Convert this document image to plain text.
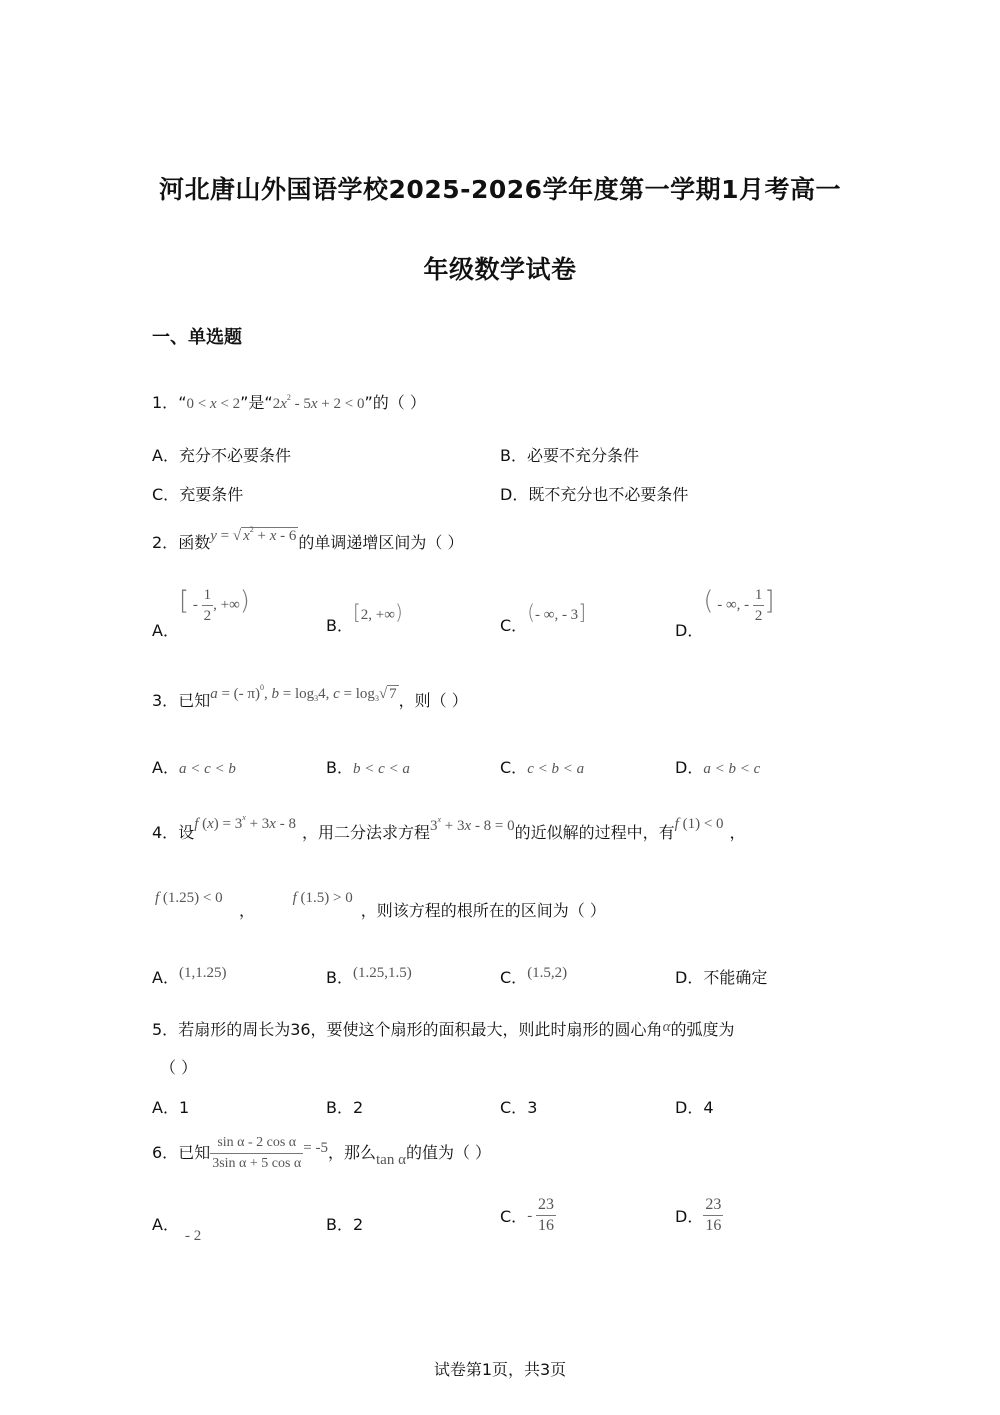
河北唐山外国语学校2025-2026学年度第一学期1月考高一
年级数学试卷
一、单选题
1．“0 < x < 2”是“$2x^2 - 5x + 2 < 0$”的（ ）
A．充分不必要条件	B．必要不充分条件
C．充要条件	D．既不充分也不必要条件
2．函数y = √ $x^2 + x - 6$ 的单调递增区间为（ ）
A．[ - $\frac{1}{2}$ , +∞)
B．[2, +∞)
C．(- ∞, - 3]
D．( - ∞, - $\frac{1}{2}$ ]
3．已知a = (- π)$^0$, $b = \log_34$, $c = \log_3√$ 7 ，则（ ）
A．a < c < b	B．b < c < a	C．c < b < a	D．a < b < c
4．设f $(x) = 3^x + 3x - 8$ ，用二分法求方程$3^x + 3x - 8 = 0$的近似解的过程中，有f (1) < 0 ，
f (1.25) < 0
，
f (1.5) > 0，则该方程的根所在的区间为（ ）
A．(1,1.25)	B．(1.25,1.5)	C．(1.5,2)	D．不能确定
5．若扇形的周长为36，要使这个扇形的面积最大，则此时扇形的圆心角α的弧度为
（ ）
A．1	B．2	C．3	D．4
6．已知 $\frac{\text{sin α - 2 cos α}}{\text{3sin α + 5 cos α}} = -5$，那么tan α的值为（ ）
A．- 2
B．2	C．- $\frac{23}{16}$	D． $\frac{23}{16}$
试卷第1页，共3页
